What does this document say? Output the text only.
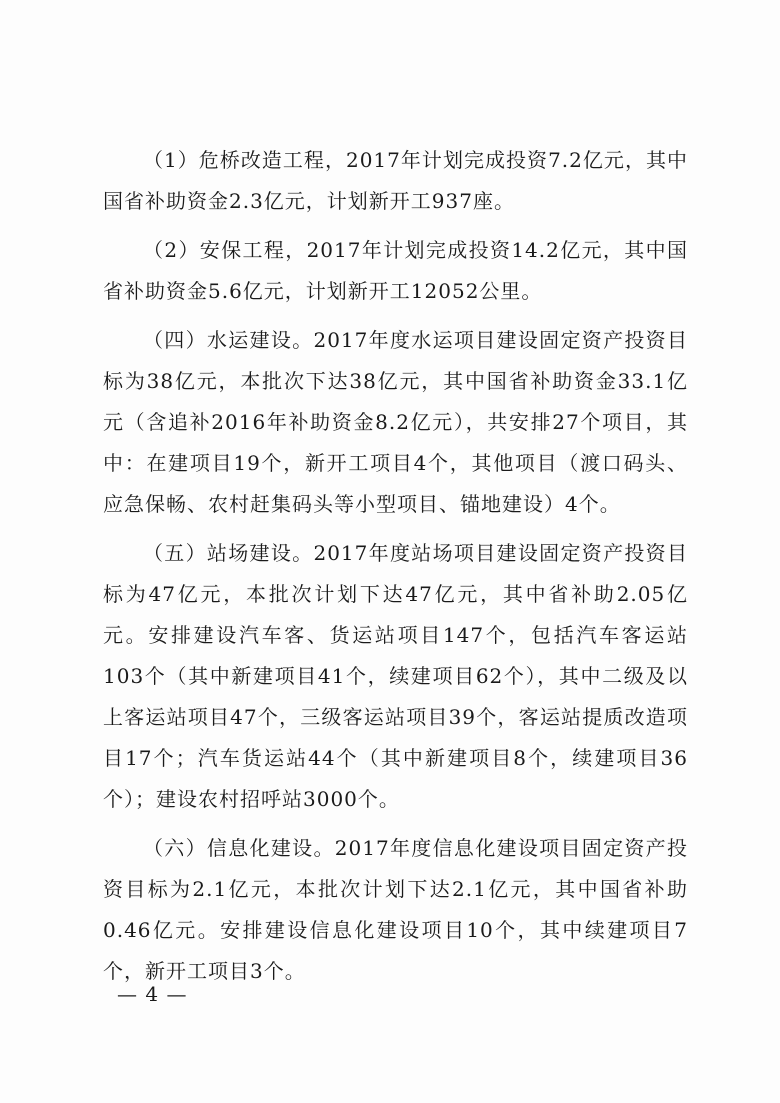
（1）危桥改造工程，2017年计划完成投资7.2亿元，其中国省补助资金2.3亿元，计划新开工937座。

（2）安保工程，2017年计划完成投资14.2亿元，其中国省补助资金5.6亿元，计划新开工12052公里。

（四）水运建设。2017年度水运项目建设固定资产投资目标为38亿元，本批次下达38亿元，其中国省补助资金33.1亿元（含追补2016年补助资金8.2亿元），共安排27个项目，其中：在建项目19个，新开工项目4个，其他项目（渡口码头、应急保畅、农村赶集码头等小型项目、锚地建设）4个。

（五）站场建设。2017年度站场项目建设固定资产投资目标为47亿元，本批次计划下达47亿元，其中省补助2.05亿元。安排建设汽车客、货运站项目147个，包括汽车客运站103个（其中新建项目41个，续建项目62个），其中二级及以上客运站项目47个，三级客运站项目39个，客运站提质改造项目17个；汽车货运站44个（其中新建项目8个，续建项目36个）；建设农村招呼站3000个。

（六）信息化建设。2017年度信息化建设项目固定资产投资目标为2.1亿元，本批次计划下达2.1亿元，其中国省补助0.46亿元。安排建设信息化建设项目10个，其中续建项目7个，新开工项目3个。

— 4 —
